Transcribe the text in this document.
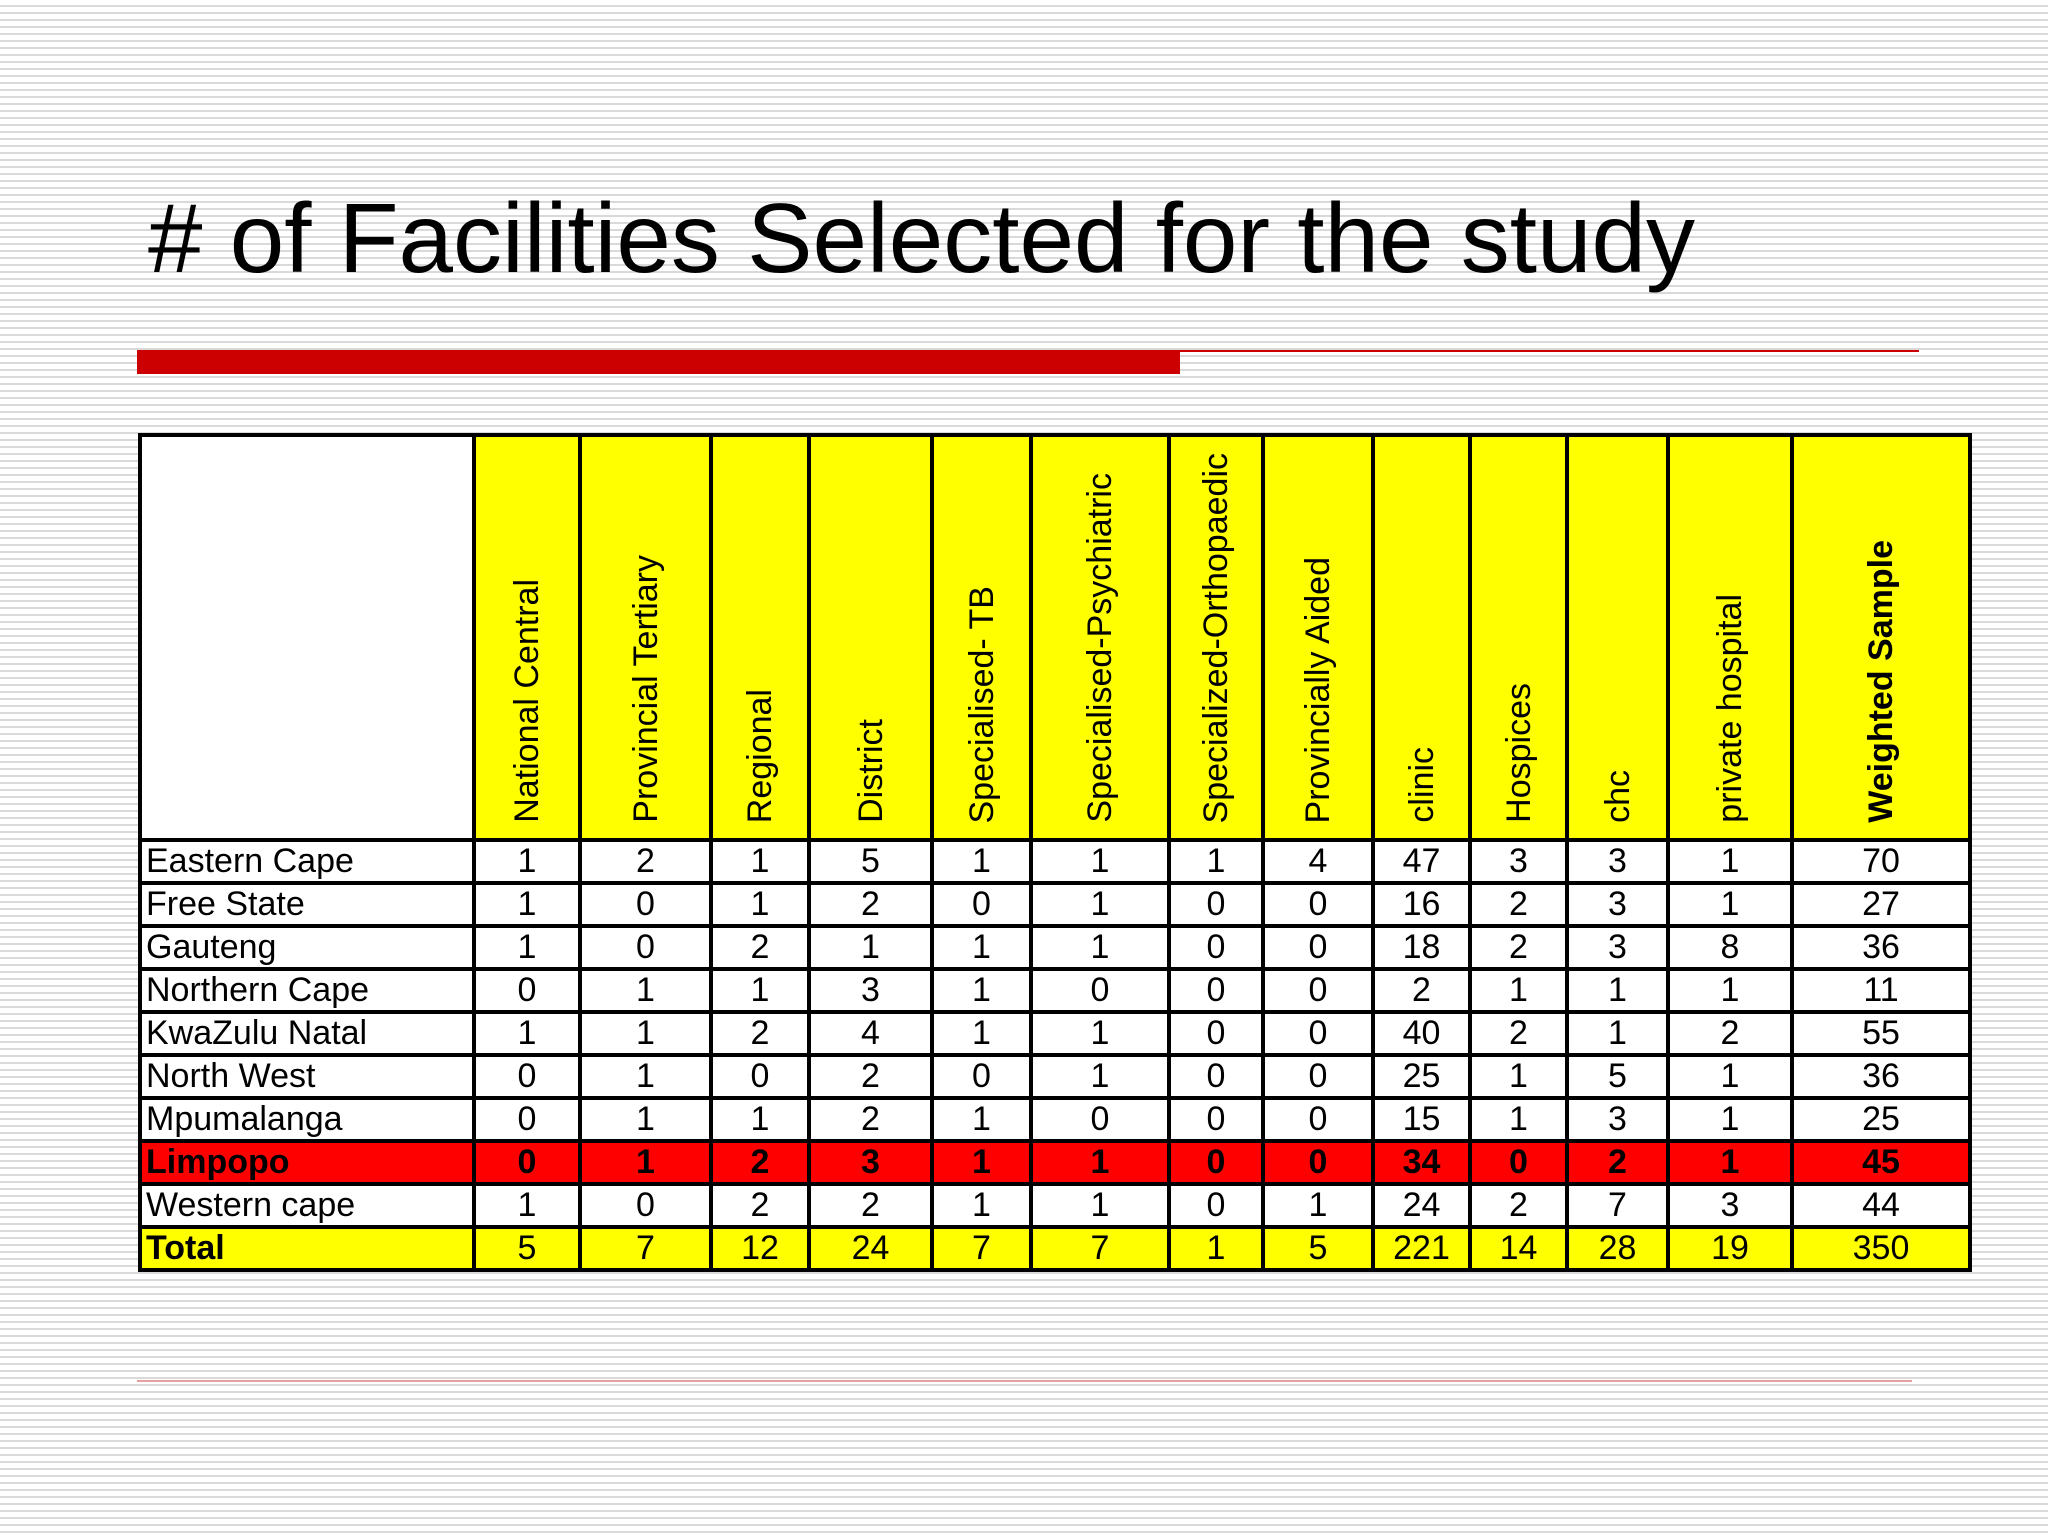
# of Facilities Selected for the study
	National Central	Provincial Tertiary	Regional	District	Specialised- TB	Specialised-Psychiatric	Specialized-Orthopaedic	Provincially Aided	clinic	Hospices	chc	private hospital	Weighted Sample
Eastern Cape	1	2	1	5	1	1	1	4	47	3	3	1	70
Free State	1	0	1	2	0	1	0	0	16	2	3	1	27
Gauteng	1	0	2	1	1	1	0	0	18	2	3	8	36
Northern Cape	0	1	1	3	1	0	0	0	2	1	1	1	11
KwaZulu Natal	1	1	2	4	1	1	0	0	40	2	1	2	55
North West	0	1	0	2	0	1	0	0	25	1	5	1	36
Mpumalanga	0	1	1	2	1	0	0	0	15	1	3	1	25
Limpopo	0	1	2	3	1	1	0	0	34	0	2	1	45
Western cape	1	0	2	2	1	1	0	1	24	2	7	3	44
Total	5	7	12	24	7	7	1	5	221	14	28	19	350
